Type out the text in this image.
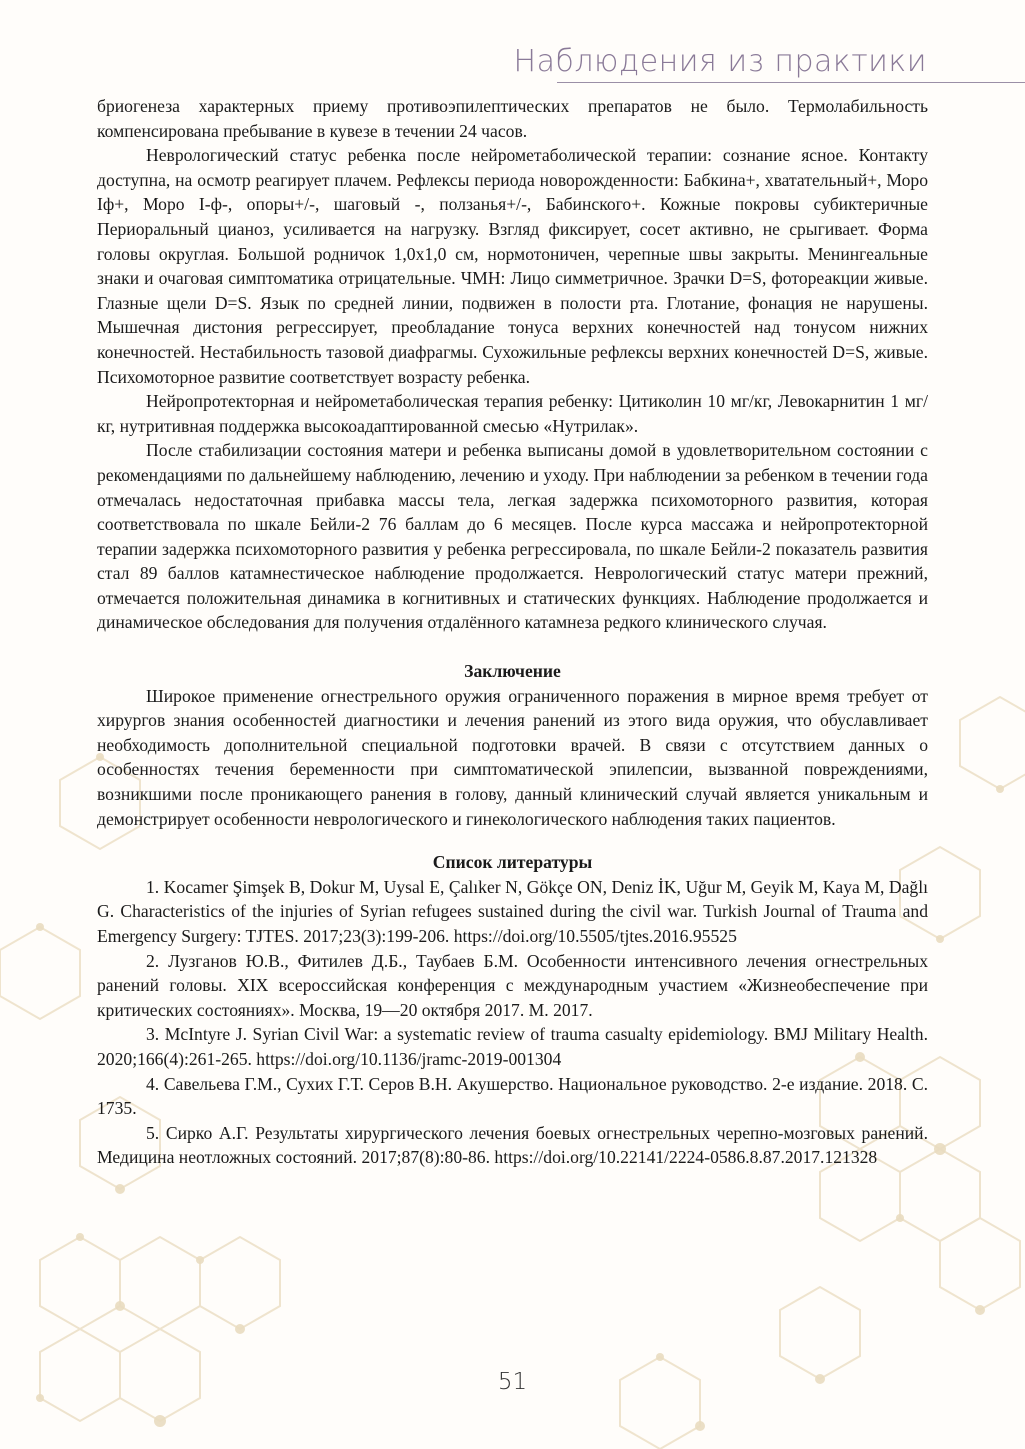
Наблюдения из практики

бриогенеза характерных приему противоэпилептических препаратов не было. Термолабильность компенсирована пребывание в кувезе в течении 24 часов.

Неврологический статус ребенка после нейрометаболической терапии: сознание ясное. Контакту доступна, на осмотр реагирует плачем. Рефлексы периода новорожденности: Бабкина+, хватательный+, Моро Iф+, Моро I-ф-, опоры+/-, шаговый -, ползанья+/-, Бабинского+. Кожные покровы субиктеричные Периоральный цианоз, усиливается на нагрузку. Взгляд фиксирует, сосет активно, не срыгивает. Форма головы округлая. Большой родничок 1,0х1,0 см, нормотоничен, черепные швы закрыты. Менингеальные знаки и очаговая симптоматика отрицательные. ЧМН: Лицо симметричное. Зрачки D=S, фотореакции живые. Глазные щели D=S. Язык по средней линии, подвижен в полости рта. Глотание, фонация не нарушены. Мышечная дистония регрессирует, преобладание тонуса верхних конечностей над тонусом нижних конечностей. Нестабильность тазовой диафрагмы. Сухожильные рефлексы верхних конечностей D=S, живые. Психомоторное развитие соответствует возрасту ребенка.

Нейропротекторная и нейрометаболическая терапия ребенку: Цитиколин 10 мг/кг, Левокарнитин 1 мг/кг, нутритивная поддержка высокоадаптированной смесью «Нутрилак».

После стабилизации состояния матери и ребенка выписаны домой в удовлетворительном состоянии с рекомендациями по дальнейшему наблюдению, лечению и уходу. При наблюдении за ребенком в течении года отмечалась недостаточная прибавка массы тела, легкая задержка психомоторного развития, которая соответствовала по шкале Бейли-2 76 баллам до 6 месяцев. После курса массажа и нейропротекторной терапии задержка психомоторного развития у ребенка регрессировала, по шкале Бейли-2 показатель развития стал 89 баллов катамнестическое наблюдение продолжается. Неврологический статус матери прежний, отмечается положительная динамика в когнитивных и статических функциях. Наблюдение продолжается и динамическое обследования для получения отдалённого катамнеза редкого клинического случая.

Заключение

Широкое применение огнестрельного оружия ограниченного поражения в мирное время требует от хирургов знания особенностей диагностики и лечения ранений из этого вида оружия, что обуславливает необходимость дополнительной специальной подготовки врачей. В связи с отсутствием данных о особенностях течения беременности при симптоматической эпилепсии, вызванной повреждениями, возникшими после проникающего ранения в голову, данный клинический случай является уникальным и демонстрирует особенности неврологического и гинекологического наблюдения таких пациентов.

Список литературы

1. Kocamer Şimşek B, Dokur M, Uysal E, Çalıker N, Gökçe ON, Deniz İK, Uğur M, Geyik M, Kaya M, Dağlı G. Characteristics of the injuries of Syrian refugees sustained during the civil war. Turkish Journal of Trauma and Emergency Surgery: TJTES. 2017;23(3):199-206. https://doi.org/10.5505/tjtes.2016.95525

2. Лузганов Ю.В., Фитилев Д.Б., Таубаев Б.М. Особенности интенсивного лечения огнестрельных ранений головы. XIX всероссийская конференция с международным участием «Жизнеобеспечение при критических состояниях». Москва, 19—20 октября 2017. М. 2017.

3. McIntyre J. Syrian Civil War: a systematic review of trauma casualty epidemiology. BMJ Military Health. 2020;166(4):261-265. https://doi.org/10.1136/jramc-2019-001304

4. Савельева Г.М., Сухих Г.Т. Серов В.Н. Акушерство. Национальное руководство. 2-е издание. 2018. С. 1735.

5. Сирко А.Г. Результаты хирургического лечения боевых огнестрельных черепно-мозговых ранений. Медицина неотложных состояний. 2017;87(8):80-86. https://doi.org/10.22141/2224-0586.8.87.2017.121328

51
